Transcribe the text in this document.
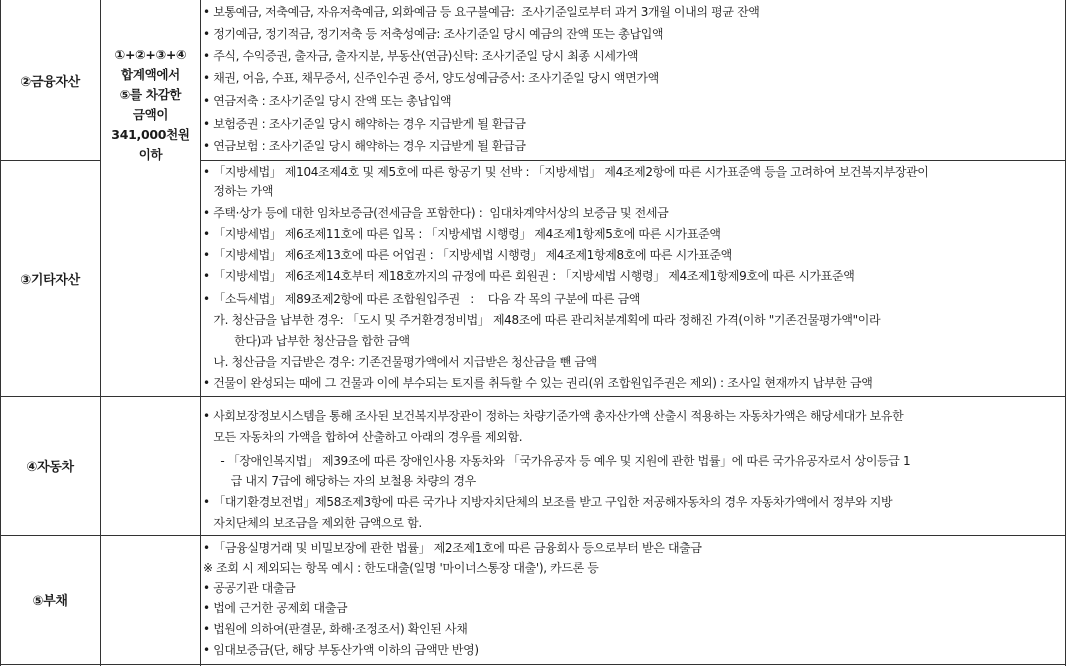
①+②+③+④
합계액에서
⑤를 차감한
금액이
341,000천원
이하
②금융자산
• 보통예금, 저축예금, 자유저축예금, 외화예금 등 요구불예금:  조사기준일로부터 과거 3개월 이내의 평균 잔액
• 정기예금, 정기적금, 정기저축 등 저축성예금: 조사기준일 당시 예금의 잔액 또는 총납입액
• 주식, 수익증권, 출자금, 출자지분, 부동산(연금)신탁: 조사기준일 당시 최종 시세가액
• 채권, 어음, 수표, 채무증서, 신주인수권 증서, 양도성예금증서: 조사기준일 당시 액면가액
• 연금저축 : 조사기준일 당시 잔액 또는 총납입액
• 보험증권 : 조사기준일 당시 해약하는 경우 지급받게 될 환급금
• 연금보험 : 조사기준일 당시 해약하는 경우 지급받게 될 환급금
③기타자산
• 「지방세법」 제104조제4호 및 제5호에 따른 항공기 및 선박 : 「지방세법」 제4조제2항에 따른 시가표준액 등을 고려하여 보건복지부장관이
정하는 가액
• 주택·상가 등에 대한 임차보증금(전세금을 포함한다) :  임대차계약서상의 보증금 및 전세금
• 「지방세법」 제6조제11호에 따른 입목 : 「지방세법 시행령」 제4조제1항제5호에 따른 시가표준액
• 「지방세법」 제6조제13호에 따른 어업권 : 「지방세법 시행령」 제4조제1항제8호에 따른 시가표준액
• 「지방세법」 제6조제14호부터 제18호까지의 규정에 따른 회원권 : 「지방세법 시행령」 제4조제1항제9호에 따른 시가표준액
• 「소득세법」 제89조제2항에 따른 조합원입주권   :    다음 각 목의 구분에 따른 금액
가. 청산금을 납부한 경우: 「도시 및 주거환경정비법」 제48조에 따른 관리처분계획에 따라 정해진 가격(이하 "기존건물평가액"이라
한다)과 납부한 청산금을 합한 금액
나. 청산금을 지급받은 경우: 기존건물평가액에서 지급받은 청산금을 뺀 금액
• 건물이 완성되는 때에 그 건물과 이에 부수되는 토지를 취득할 수 있는 권리(위 조합원입주권은 제외) : 조사일 현재까지 납부한 금액
④자동차
• 사회보장정보시스템을 통해 조사된 보건복지부장관이 정하는 차량기준가액 총자산가액 산출시 적용하는 자동차가액은 해당세대가 보유한
모든 자동차의 가액을 합하여 산출하고 아래의 경우를 제외함.
- 「장애인복지법」 제39조에 따른 장애인사용 자동차와 「국가유공자 등 예우 및 지원에 관한 법률」에 따른 국가유공자로서 상이등급 1
급 내지 7급에 해당하는 자의 보철용 차량의 경우
• 「대기환경보전법」제58조제3항에 따른 국가나 지방자치단체의 보조를 받고 구입한 저공해자동차의 경우 자동차가액에서 정부와 지방
자치단체의 보조금을 제외한 금액으로 함.
⑤부채
• 「금융실명거래 및 비밀보장에 관한 법률」 제2조제1호에 따른 금융회사 등으로부터 받은 대출금
※ 조회 시 제외되는 항목 예시 : 한도대출(일명 '마이너스통장 대출'), 카드론 등
• 공공기관 대출금
• 법에 근거한 공제회 대출금
• 법원에 의하여(판결문, 화해·조정조서) 확인된 사채
• 임대보증금(단, 해당 부동산가액 이하의 금액만 반영)
